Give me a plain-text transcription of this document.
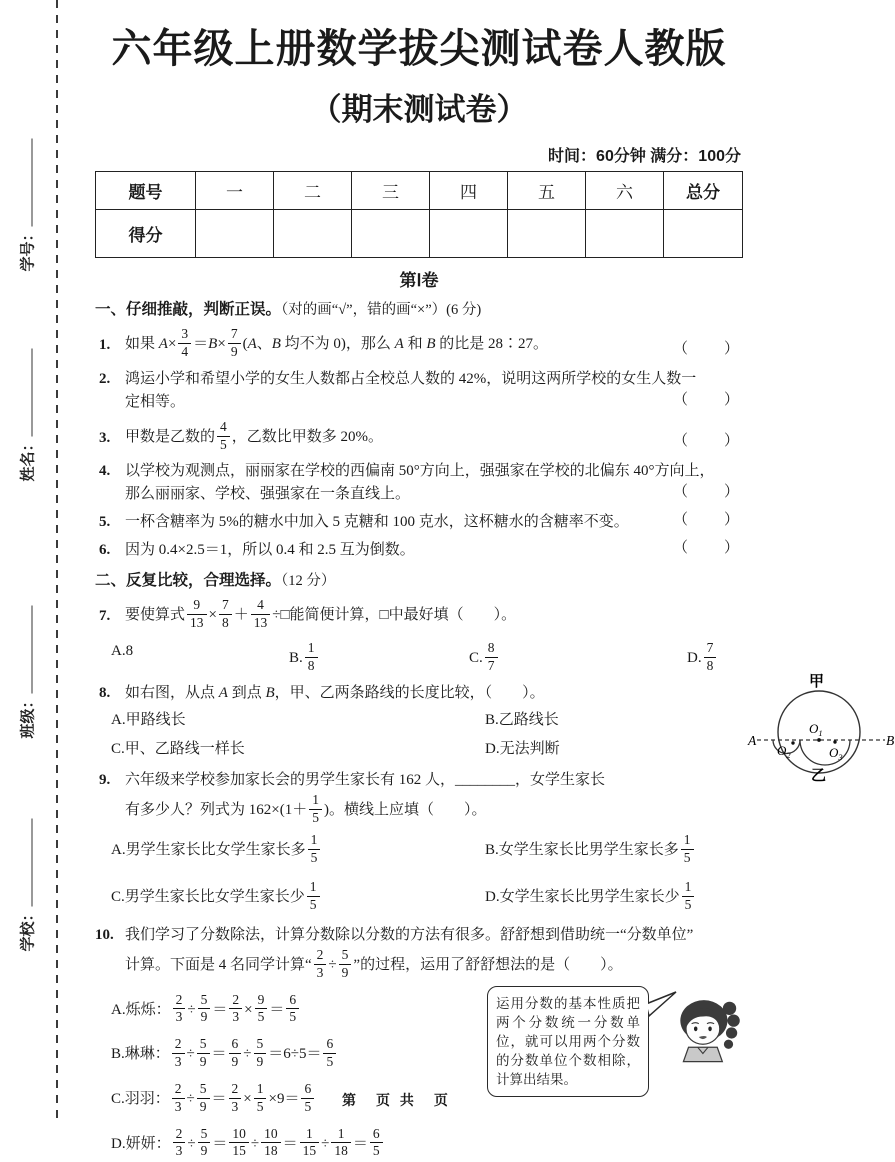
学号：
姓名：
班级：
学校：
六年级上册数学拔尖测试卷人教版
（期末测试卷）
时间：60分钟 满分：100分
题号	一	二	三	四	五	六	总分
得分							
第Ⅰ卷
一、仔细推敲，判断正误。（对的画“√”，错的画“×”）(6 分)
1. 如果 $A\times \frac{3}{4} =B\times \frac{7}{9} (A$、B 均不为 0)，那么 A 和 B 的比是 28∶27。	（　　）
2. 鸿运小学和希望小学的女生人数都占全校总人数的 42%，说明这两所学校的女生人数一
定相等。	（　　）
3. 甲数是乙数的 $\frac{4}{5}$ ，乙数比甲数多 20%。	（　　）
4. 以学校为观测点，丽丽家在学校的西偏南 50°方向上，强强家在学校的北偏东 40°方向上，
那么丽丽家、学校、强强家在一条直线上。	（　　）
5. 一杯含糖率为 5%的糖水中加入 5 克糖和 100 克水，这杯糖水的含糖率不变。	（　　）
6. 因为 0.4×2.5＝1，所以 0.4 和 2.5 互为倒数。	（　　）
二、反复比较，合理选择。（12 分）
7. 要使算式 $\frac{9}{13} \times \frac{7}{8} + \frac{4}{13}$ ÷□能简便计算，□中最好填（　　）。
A.8	B. $\frac{1}{8}$	C. $\frac{8}{7}$	D. $\frac{7}{8}$
8. 如右图，从点 A 到点 B，甲、乙两条路线的长度比较，（　　）。
A.甲路线长	B.乙路线长
C.甲、乙路线一样长	D.无法判断
甲
$O_1$
$O_2$	$O_3$
A	B
乙
9. 六年级来学校参加家长会的男学生家长有 162 人，________，女学生家长
有多少人？列式为 $162\times(1+ \frac{1}{5}$ )。横线上应填（　　）。
A.男学生家长比女学生家长多 $\frac{1}{5}$	B.女学生家长比男学生家长多 $\frac{1}{5}$
C.男学生家长比女学生家长少 $\frac{1}{5}$	D.女学生家长比男学生家长少 $\frac{1}{5}$
10. 我们学习了分数除法，计算分数除以分数的方法有很多。舒舒想到借助统一“分数单位”
计算。下面是 4 名同学计算“ $\frac{2}{3} \div \frac{5}{9}$ ”的过程，运用了舒舒想法的是（　　）。
A.烁烁： $\frac{2}{3} \div \frac{5}{9} = \frac{2}{3} \times \frac{9}{5} = \frac{6}{5}$
B.琳琳： $\frac{2}{3} \div \frac{5}{9} = \frac{6}{9} \div \frac{5}{9} =6\div 5= \frac{6}{5}$
C.羽羽： $\frac{2}{3} \div \frac{5}{9} = \frac{2}{3} \times \frac{1}{5} \times 9= \frac{6}{5}$
D.妍妍： $\frac{2}{3} \div \frac{5}{9} = \frac{10}{15} \div \frac{10}{18} = \frac{1}{15} \div \frac{1}{18} = \frac{6}{5}$
运用分数的基本性质把两个分数统一分数单位，就可以用两个分数的分数单位个数相除，计算出结果。
第　页 共　页
